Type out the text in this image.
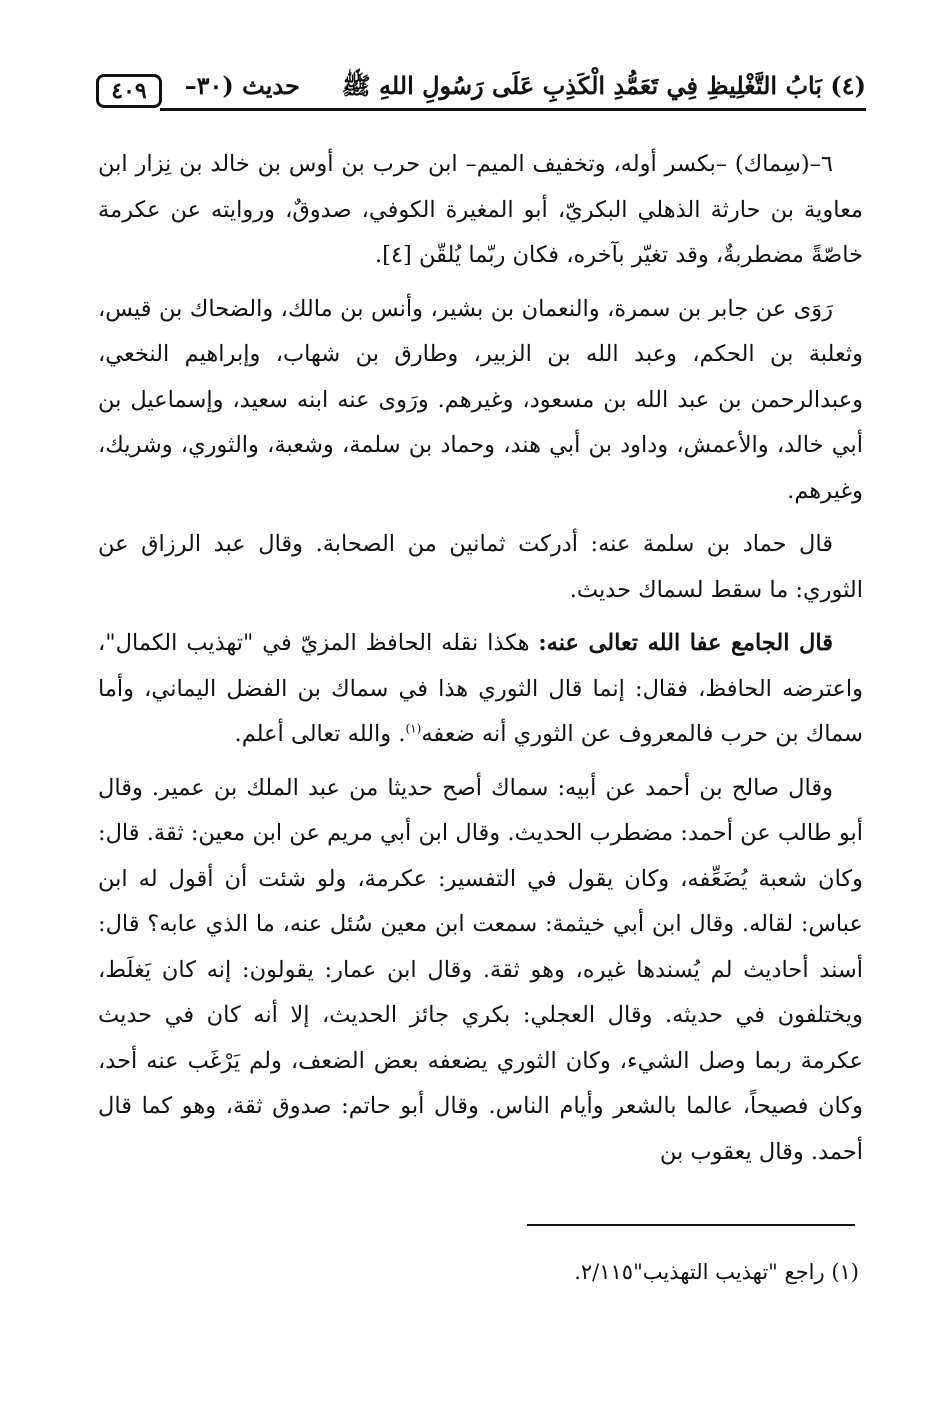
(٤) بَابُ التَّغْلِيظِ فِي تَعَمُّدِ الْكَذِبِ عَلَى رَسُولِ اللهِ ﷺ     حديث (٣٠–
٤٠٩

٦–(سِماك) –بكسر أوله، وتخفيف الميم– ابن حرب بن أوس بن خالد بن نِزار ابن معاوية بن حارثة الذهلي البكريّ، أبو المغيرة الكوفي، صدوقٌ، وروايته عن عكرمة خاصّةً مضطربةٌ، وقد تغيّر بآخره، فكان ربّما يُلقّن [٤].

رَوَى عن جابر بن سمرة، والنعمان بن بشير، وأنس بن مالك، والضحاك بن قيس، وثعلبة بن الحكم، وعبد الله بن الزبير، وطارق بن شهاب، وإبراهيم النخعي، وعبدالرحمن بن عبد الله بن مسعود، وغيرهم. ورَوى عنه ابنه سعيد، وإسماعيل بن أبي خالد، والأعمش، وداود بن أبي هند، وحماد بن سلمة، وشعبة، والثوري، وشريك، وغيرهم.

قال حماد بن سلمة عنه: أدركت ثمانين من الصحابة. وقال عبد الرزاق عن الثوري: ما سقط لسماك حديث.

قال الجامع عفا الله تعالى عنه: هكذا نقله الحافظ المزيّ في "تهذيب الكمال"، واعترضه الحافظ، فقال: إنما قال الثوري هذا في سماك بن الفضل اليماني، وأما سماك بن حرب فالمعروف عن الثوري أنه ضعفه$^{(١)}$. والله تعالى أعلم.

وقال صالح بن أحمد عن أبيه: سماك أصح حديثا من عبد الملك بن عمير. وقال أبو طالب عن أحمد: مضطرب الحديث. وقال ابن أبي مريم عن ابن معين: ثقة. قال: وكان شعبة يُضَعِّفه، وكان يقول في التفسير: عكرمة، ولو شئت أن أقول له ابن عباس: لقاله. وقال ابن أبي خيثمة: سمعت ابن معين سُئل عنه، ما الذي عابه؟ قال: أسند أحاديث لم يُسندها غيره، وهو ثقة. وقال ابن عمار: يقولون: إنه كان يَغلَط، ويختلفون في حديثه. وقال العجلي: بكري جائز الحديث، إلا أنه كان في حديث عكرمة ربما وصل الشيء، وكان الثوري يضعفه بعض الضعف، ولم يَرْغَب عنه أحد، وكان فصيحاً، عالما بالشعر وأيام الناس. وقال أبو حاتم: صدوق ثقة، وهو كما قال أحمد. وقال يعقوب بن

(١) راجع "تهذيب التهذيب"٢/١١٥.
